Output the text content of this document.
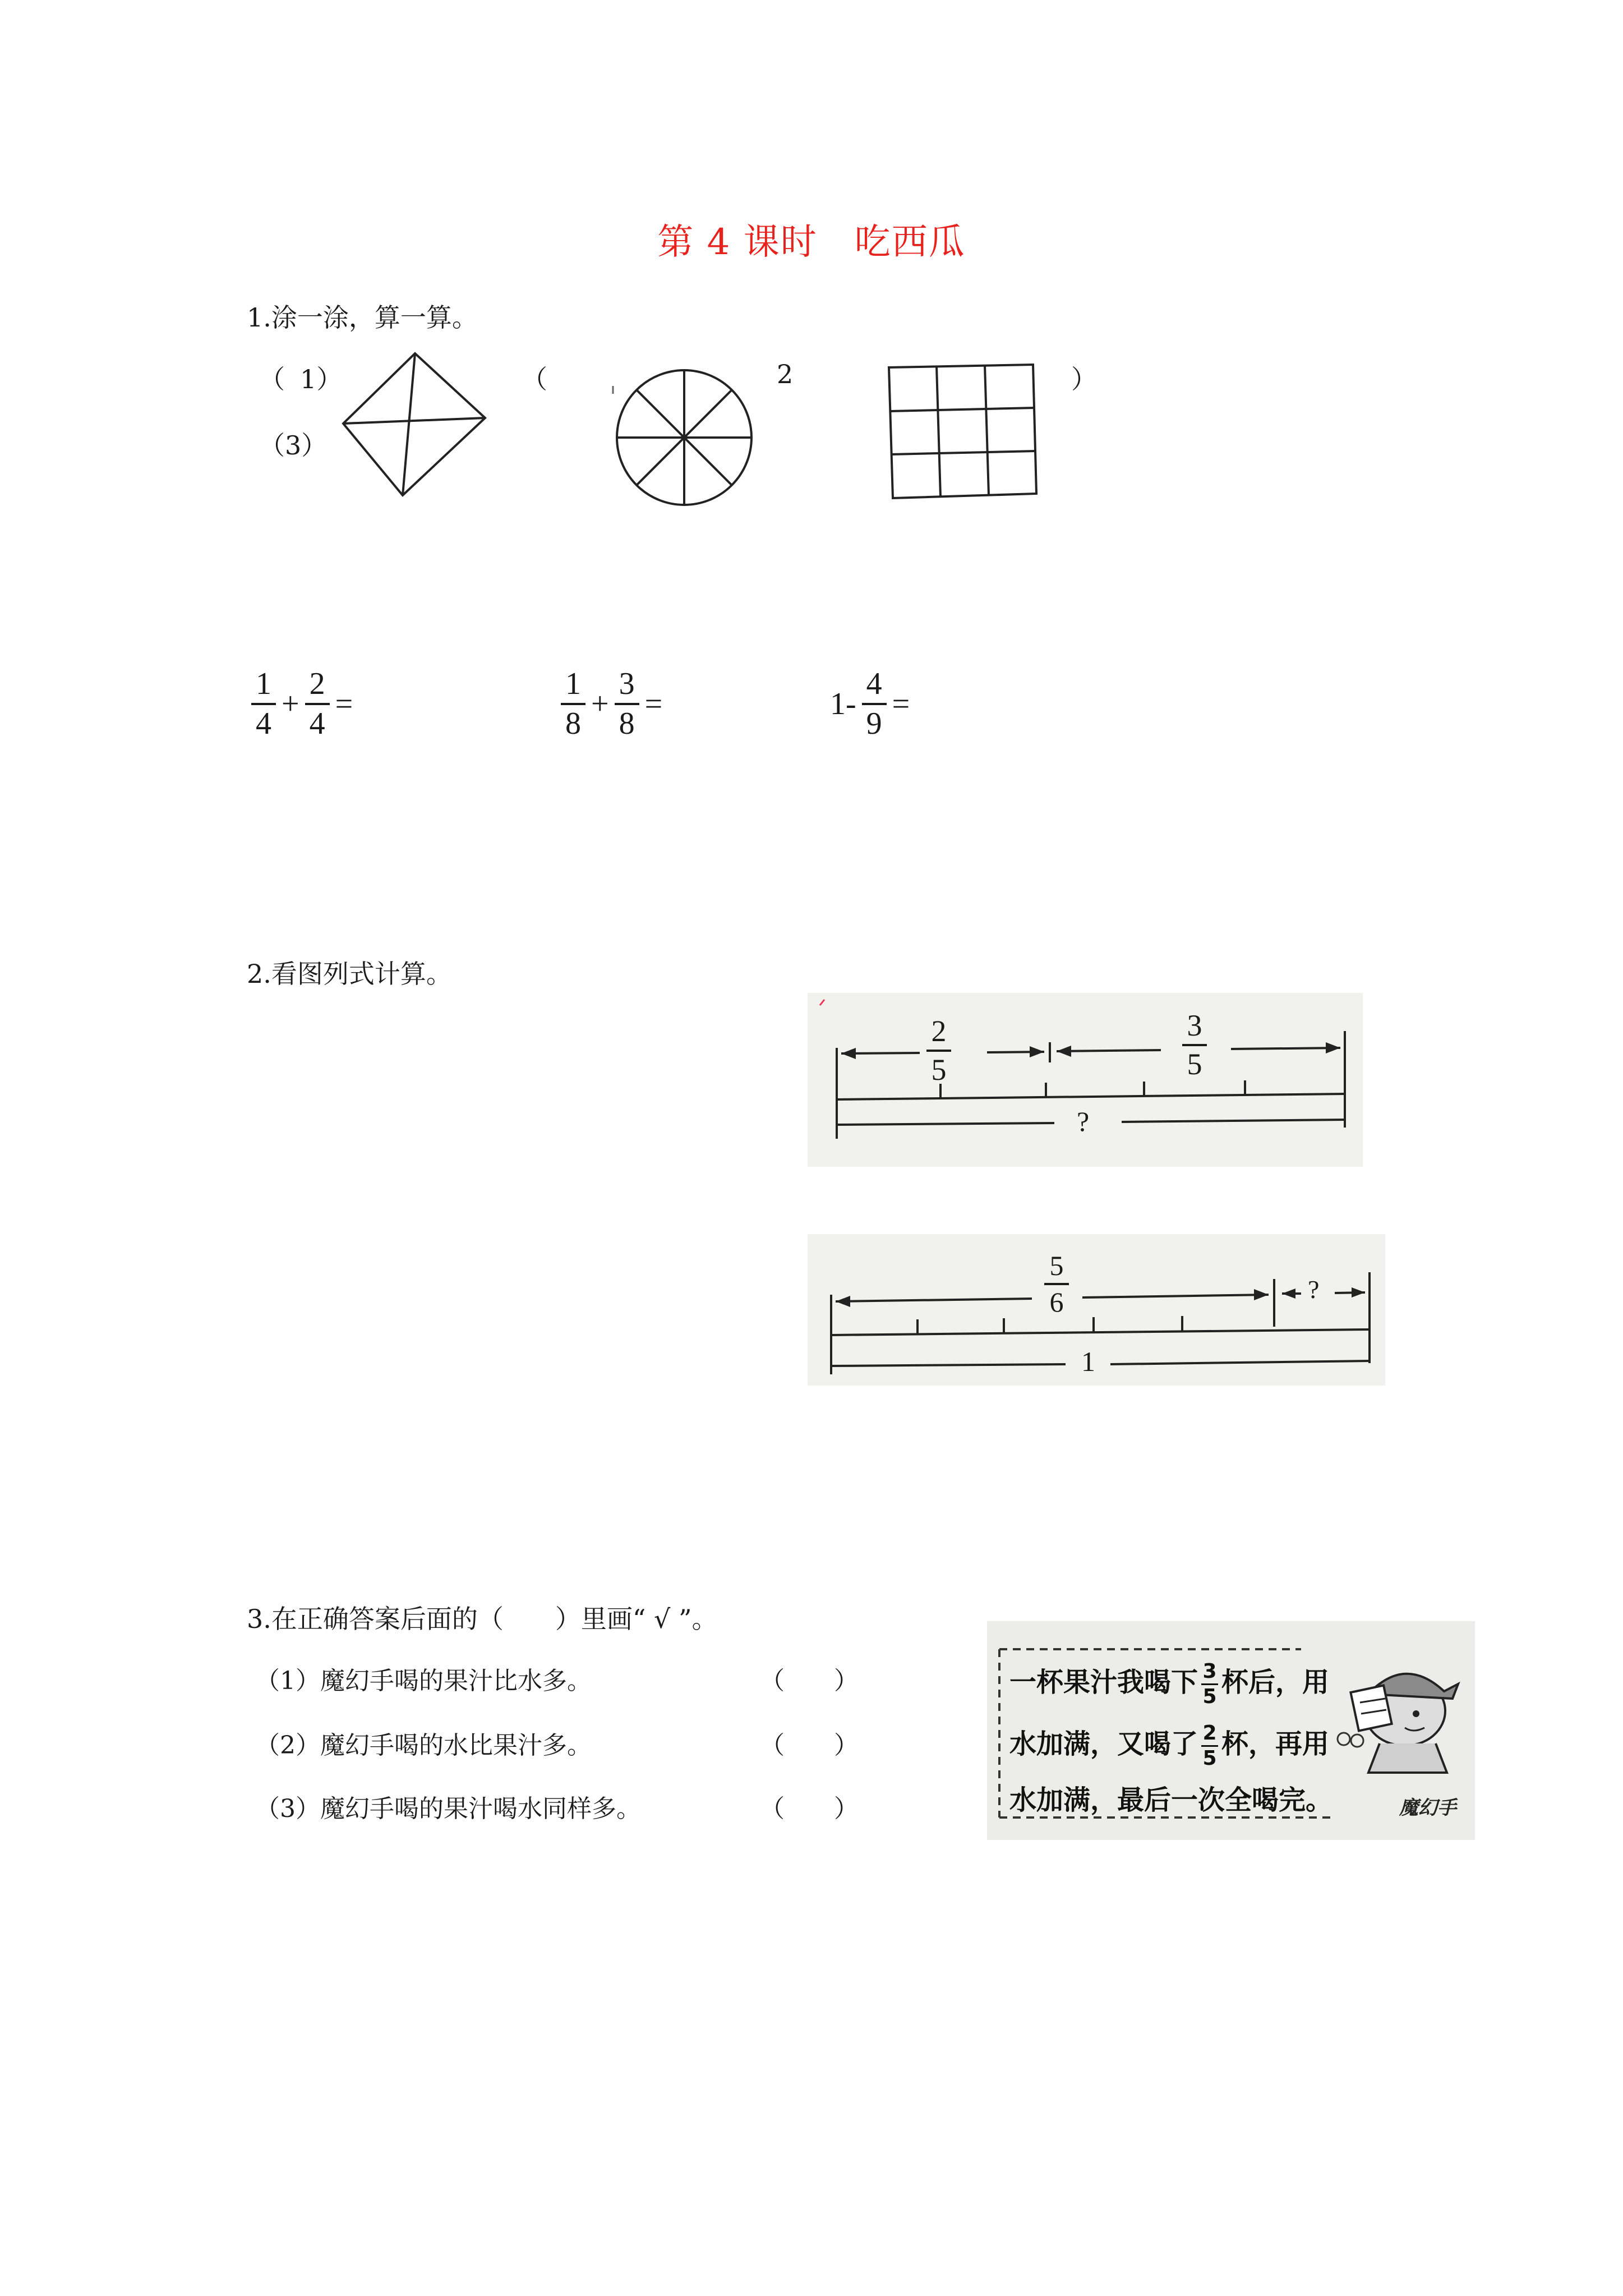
第 4 课时　吃西瓜
1.涂一涂，算一算。
（ 1）
（3）
（	2	）
$\frac{1}{4} + \frac{2}{4}$ =	$\frac{1}{8} + \frac{3}{8}$ =	$1- \frac{4}{9}$ =
2.看图列式计算。
2
5
3
5
?
5
6	?
1
3.在正确答案后面的（　　）里画“ √ ”。
（1）魔幻手喝的果汁比水多。	（　　）
（2）魔幻手喝的水比果汁多。	（　　）
（3）魔幻手喝的果汁喝水同样多。	（　　）
一杯果汁我喝下 $\frac{3}{5}$ 杯后，用
水加满，又喝了 $\frac{2}{5}$ 杯，再用
水加满，最后一次全喝完。	魔幻手
